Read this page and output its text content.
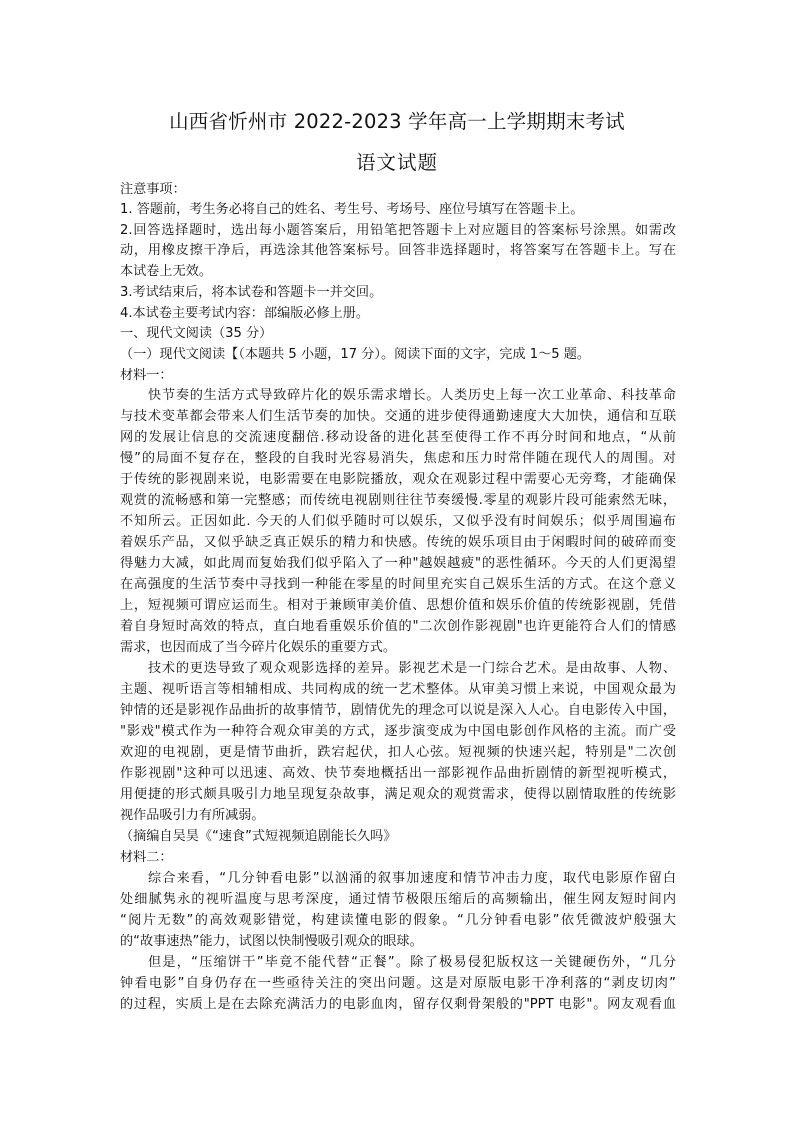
山西省忻州市 2022-2023 学年高一上学期期末考试
语文试题
注意事项：
1. 答题前，考生务必将自己的姓名、考生号、考场号、座位号填写在答题卡上。
2.回答选择题时，选出每小题答案后，用铅笔把答题卡上对应题目的答案标号涂黑。如需改
动，用橡皮擦干净后，再选涂其他答案标号。回答非选择题时，将答案写在答题卡上。写在
本试卷上无效。
3.考试结束后，将本试卷和答题卡一并交回。
4.本试卷主要考试内容：部编版必修上册。
一、现代文阅读（35 分）
（一）现代文阅读【（本题共 5 小题，17 分）。阅读下面的文字，完成 1～5 题。
材料一：
快节奏的生活方式导致碎片化的娱乐需求增长。人类历史上每一次工业革命、科技革命
与技术变革都会带来人们生活节奏的加快。交通的进步使得通勤速度大大加快，通信和互联
网的发展让信息的交流速度翻倍.移动设备的进化甚至使得工作不再分时间和地点，“从前
慢”的局面不复存在，整段的自我时光容易消失，焦虑和压力时常伴随在现代人的周围。对
于传统的影视剧来说，电影需要在电影院播放，观众在观影过程中需要心无旁骛，才能确保
观赏的流畅感和第一完整感；而传统电视剧则往往节奏缓慢.零星的观影片段可能索然无味，
不知所云。正因如此. 今天的人们似乎随时可以娱乐，又似乎没有时间娱乐；似乎周围遍布
着娱乐产品，又似乎缺乏真正娱乐的精力和快感。传统的娱乐项目由于闲暇时间的破碎而变
得魅力大减，如此周而复始我们似乎陷入了一种"越娱越疲"的恶性循环。今天的人们更渴望
在高强度的生活节奏中寻找到一种能在零星的时间里充实自己娱乐生活的方式。在这个意义
上，短视频可谓应运而生。相对于兼顾审美价值、思想价值和娱乐价值的传统影视剧，凭借
着自身短时高效的特点，直白地看重娱乐价值的"二次创作影视剧"也许更能符合人们的情感
需求，也因而成了当今碎片化娱乐的重要方式。
技术的更迭导致了观众观影选择的差异。影视艺术是一门综合艺术。是由故事、人物、
主题、视听语言等相辅相成、共同构成的统一艺术整体。从审美习惯上来说，中国观众最为
钟情的还是影视作品曲折的故事情节，剧情优先的理念可以说是深入人心。自电影传入中国，
"影戏"模式作为一种符合观众审美的方式，逐步演变成为中国电影创作风格的主流。而广受
欢迎的电视剧，更是情节曲折，跌宕起伏，扣人心弦。短视频的快速兴起，特别是"二次创
作影视剧"这种可以迅速、高效、快节奏地概括出一部影视作品曲折剧情的新型视听模式，
用便捷的形式颇具吸引力地呈现复杂故事，满足观众的观赏需求，使得以剧情取胜的传统影
视作品吸引力有所减弱。
（摘编自吴昊《“速食”式短视频追剧能长久吗》
材料二：
综合来看，“几分钟看电影”以汹涌的叙事加速度和情节冲击力度，取代电影原作留白
处细腻隽永的视听温度与思考深度，通过情节极限压缩后的高频输出，催生网友短时间内
“阅片无数”的高效观影错觉，构建读懂电影的假象。“几分钟看电影”依凭微波炉般强大
的“故事速热”能力，试图以快制慢吸引观众的眼球。
但是，“压缩饼干”毕竟不能代替“正餐”。除了极易侵犯版权这一关键硬伤外，“几分
钟看电影”自身仍存在一些亟待关注的突出问题。这是对原版电影干净利落的“剥皮切肉”
的过程，实质上是在去除充满活力的电影血肉，留存仅剩骨架般的"PPT 电影"。网友观看血
